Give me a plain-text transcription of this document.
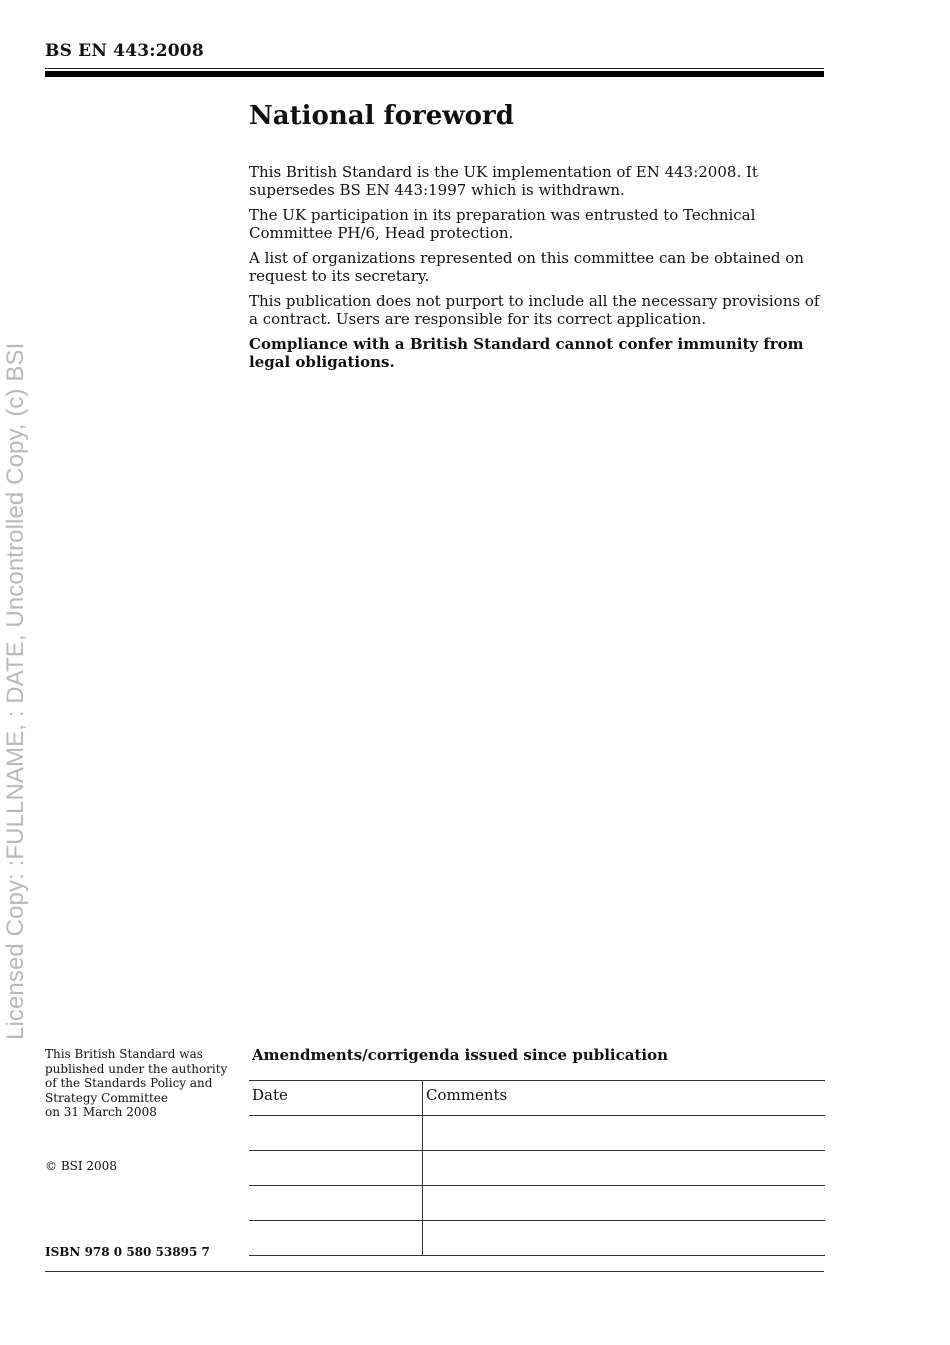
BS EN 443:2008
Licensed Copy: :FULLNAME, : DATE, Uncontrolled Copy, (c) BSI
National foreword

This British Standard is the UK implementation of EN 443:2008. It supersedes BS EN 443:1997 which is withdrawn.

The UK participation in its preparation was entrusted to Technical Committee PH/6, Head protection.

A list of organizations represented on this committee can be obtained on request to its secretary.

This publication does not purport to include all the necessary provisions of a contract. Users are responsible for its correct application.

Compliance with a British Standard cannot confer immunity from legal obligations.

This British Standard was
published under the authority
of the Standards Policy and
Strategy Committee
on 31 March 2008
© BSI 2008
ISBN 978 0 580 53895 7
Amendments/corrigenda issued since publication
Date	Comments
